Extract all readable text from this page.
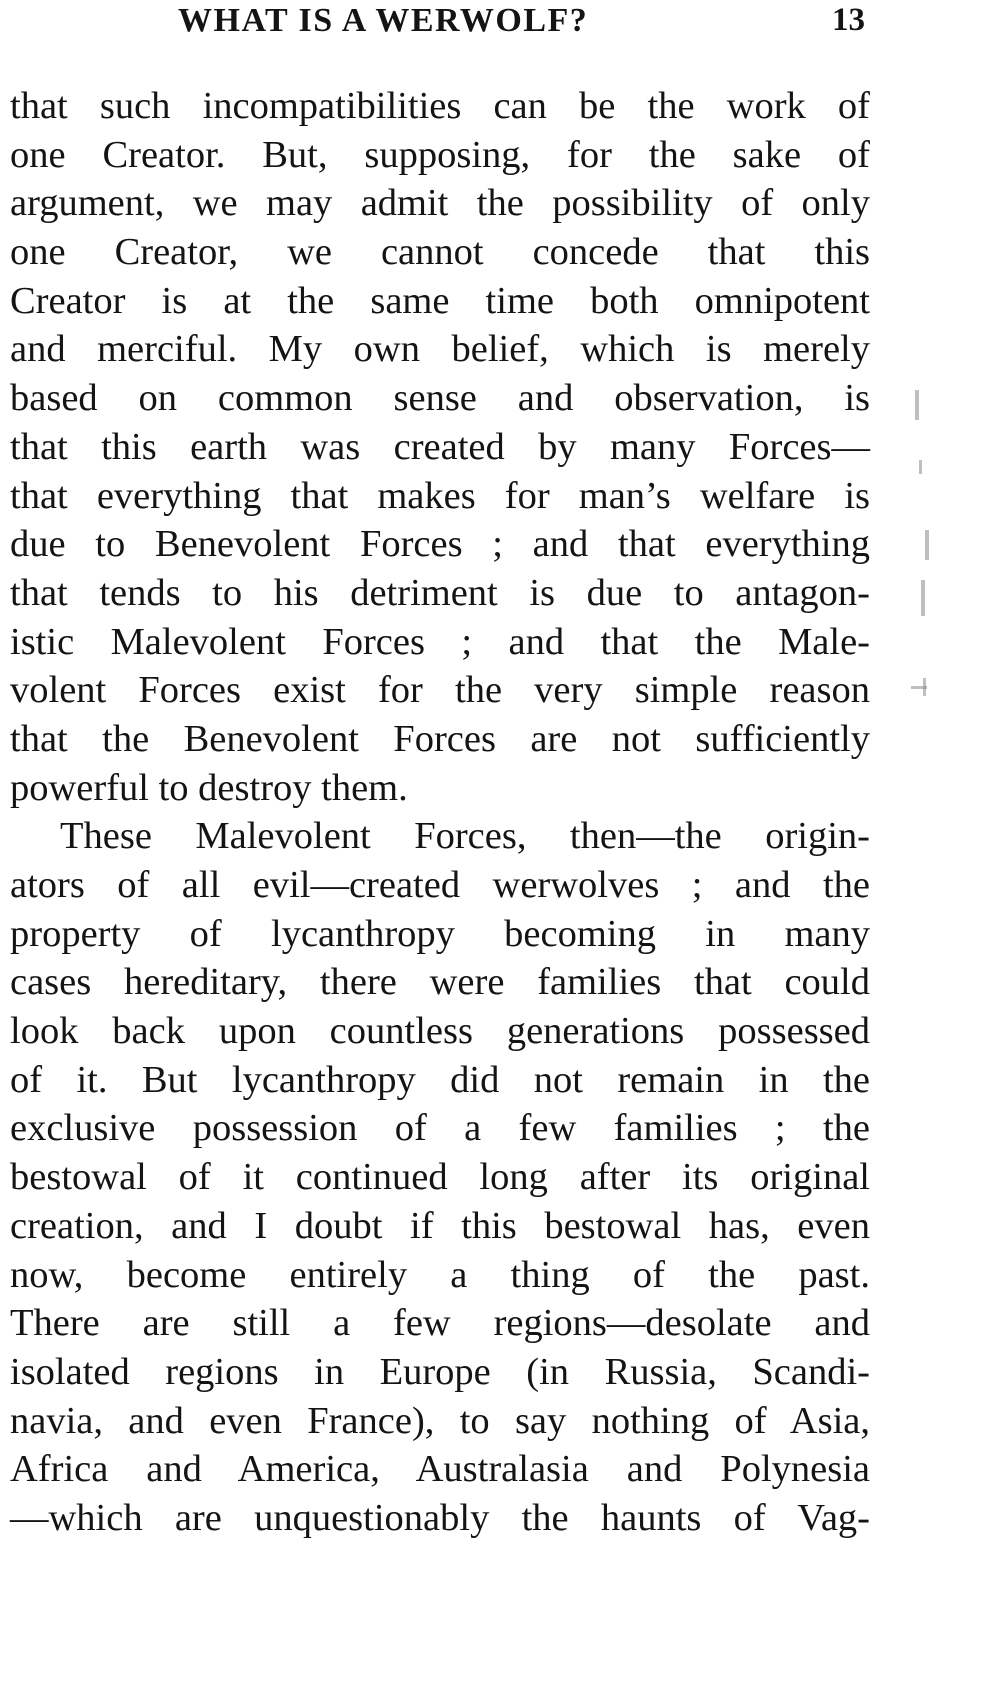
WHAT IS A WERWOLF?	13
that such incompatibilities can be the work of
one Creator. But, supposing, for the sake of
argument, we may admit the possibility of only
one Creator, we cannot concede that this
Creator is at the same time both omnipotent
and merciful. My own belief, which is merely
based on common sense and observation, is
that this earth was created by many Forces—
that everything that makes for man’s welfare is
due to Benevolent Forces ; and that everything
that tends to his detriment is due to antagon-
istic Malevolent Forces ; and that the Male-
volent Forces exist for the very simple reason
that the Benevolent Forces are not sufficiently
powerful to destroy them.
These Malevolent Forces, then—the origin-
ators of all evil—created werwolves ; and the
property of lycanthropy becoming in many
cases hereditary, there were families that could
look back upon countless generations possessed
of it. But lycanthropy did not remain in the
exclusive possession of a few families ; the
bestowal of it continued long after its original
creation, and I doubt if this bestowal has, even
now, become entirely a thing of the past.
There are still a few regions—desolate and
isolated regions in Europe (in Russia, Scandi-
navia, and even France), to say nothing of Asia,
Africa and America, Australasia and Polynesia
—which are unquestionably the haunts of Vag-
